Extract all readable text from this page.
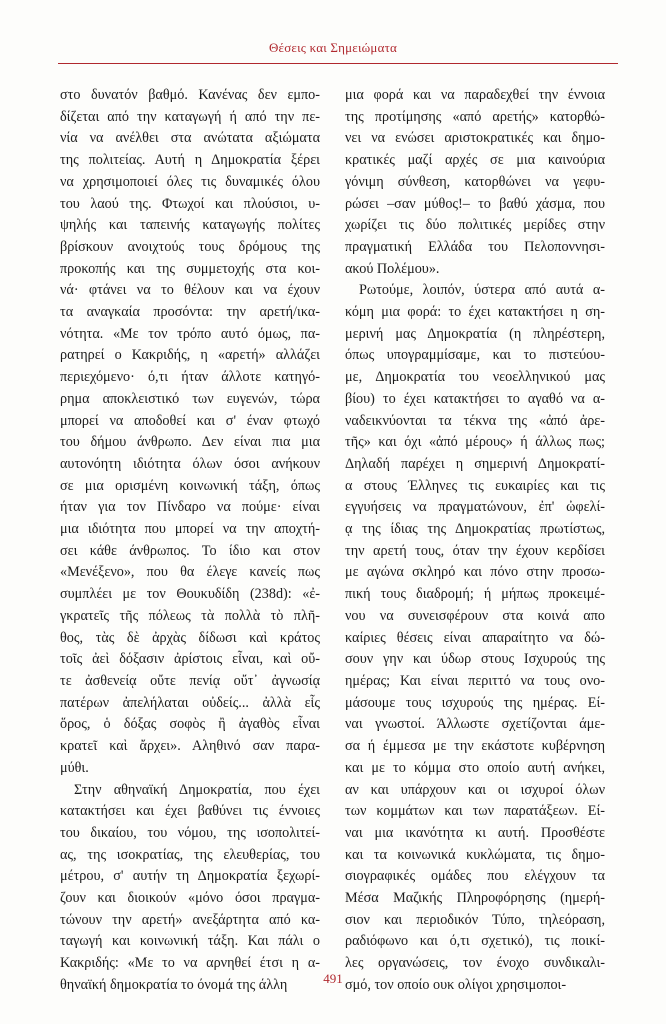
Θέσεις και Σημειώματα
στο δυνατόν βαθμό. Κανένας δεν εμπο-
δίζεται από την καταγωγή ή από την πε-
νία να ανέλθει στα ανώτατα αξιώματα
της πολιτείας. Αυτή η Δημοκρατία ξέρει
να χρησιμοποιεί όλες τις δυναμικές όλου
του λαού της. Φτωχοί και πλούσιοι, υ-
ψηλής και ταπεινής καταγωγής πολίτες
βρίσκουν ανοιχτούς τους δρόμους της
προκοπής και της συμμετοχής στα κοι-
νά· φτάνει να το θέλουν και να έχουν
τα αναγκαία προσόντα: την αρετή/ικα-
νότητα. «Με τον τρόπο αυτό όμως, πα-
ρατηρεί ο Κακριδής, η «αρετή» αλλάζει
περιεχόμενο· ό,τι ήταν άλλοτε κατηγό-
ρημα αποκλειστικό των ευγενών, τώρα
μπορεί να αποδοθεί και σ' έναν φτωχό
του δήμου άνθρωπο. Δεν είναι πια μια
αυτονόητη ιδιότητα όλων όσοι ανήκουν
σε μια ορισμένη κοινωνική τάξη, όπως
ήταν για τον Πίνδαρο να πούμε· είναι
μια ιδιότητα που μπορεί να την αποχτή-
σει κάθε άνθρωπος. Το ίδιο και στον
«Μενέξενο», που θα έλεγε κανείς πως
συμπλέει με τον Θουκυδίδη (238d): «ἐ-
γκρατεῖς τῆς πόλεως τὰ πολλὰ τὸ πλῆ-
θος, τὰς δὲ ἀρχὰς δίδωσι καὶ κράτος
τοῖς ἀεὶ δόξασιν ἀρίστοις εἶναι, καὶ οὔ-
τε ἀσθενείᾳ οὔτε πενίᾳ οὔτ᾽ ἀγνωσίᾳ
πατέρων ἀπελήλαται οὐδείς... ἀλλὰ εἷς
ὅρος, ὁ δόξας σοφὸς ἢ ἀγαθὸς εἶναι
κρατεῖ καὶ ἄρχει». Αληθινό σαν παρα-
μύθι.
Στην αθηναϊκή Δημοκρατία, που έχει
κατακτήσει και έχει βαθύνει τις έννοιες
του δικαίου, του νόμου, της ισοπολιτεί-
ας, της ισοκρατίας, της ελευθερίας, του
μέτρου, σ' αυτήν τη Δημοκρατία ξεχωρί-
ζουν και διοικούν «μόνο όσοι πραγμα-
τώνουν την αρετή» ανεξάρτητα από κα-
ταγωγή και κοινωνική τάξη. Και πάλι ο
Κακριδής: «Με το να αρνηθεί έτσι η α-
θηναϊκή δημοκρατία το όνομά της άλλη
μια φορά και να παραδεχθεί την έννοια
της προτίμησης «από αρετής» κατορθώ-
νει να ενώσει αριστοκρατικές και δημο-
κρατικές μαζί αρχές σε μια καινούρια
γόνιμη σύνθεση, κατορθώνει να γεφυ-
ρώσει –σαν μύθος!– το βαθύ χάσμα, που
χωρίζει τις δύο πολιτικές μερίδες στην
πραγματική Ελλάδα του Πελοποννησι-
ακού Πολέμου».
Ρωτούμε, λοιπόν, ύστερα από αυτά α-
κόμη μια φορά: το έχει κατακτήσει η ση-
μερινή μας Δημοκρατία (η πληρέστερη,
όπως υπογραμμίσαμε, και το πιστεύου-
με, Δημοκρατία του νεοελληνικού μας
βίου) το έχει κατακτήσει το αγαθό να α-
ναδεικνύονται τα τέκνα της «ἀπό ἀρε-
τῆς» και όχι «ἀπό μέρους» ή άλλως πως;
Δηλαδή παρέχει η σημερινή Δημοκρατί-
α στους Έλληνες τις ευκαιρίες και τις
εγγυήσεις να πραγματώνουν, ἐπ' ὠφελί-
ᾳ της ίδιας της Δημοκρατίας πρωτίστως,
την αρετή τους, όταν την έχουν κερδίσει
με αγώνα σκληρό και πόνο στην προσω-
πική τους διαδρομή; ή μήπως προκειμέ-
νου να συνεισφέρουν στα κοινά απο
καίριες θέσεις είναι απαραίτητο να δώ-
σουν γην και ύδωρ στους Ισχυρούς της
ημέρας; Και είναι περιττό να τους ονο-
μάσουμε τους ισχυρούς της ημέρας. Εί-
ναι γνωστοί. Άλλωστε σχετίζονται άμε-
σα ή έμμεσα με την εκάστοτε κυβέρνηση
και με το κόμμα στο οποίο αυτή ανήκει,
αν και υπάρχουν και οι ισχυροί όλων
των κομμάτων και των παρατάξεων. Εί-
ναι μια ικανότητα κι αυτή. Προσθέστε
και τα κοινωνικά κυκλώματα, τις δημο-
σιογραφικές ομάδες που ελέγχουν τα
Μέσα Μαζικής Πληροφόρησης (ημερή-
σιον και περιοδικόν Τύπο, τηλεόραση,
ραδιόφωνο και ό,τι σχετικό), τις ποικί-
λες οργανώσεις, τον ένοχο συνδικαλι-
σμό, τον οποίο ουκ ολίγοι χρησιμοποι-
491
